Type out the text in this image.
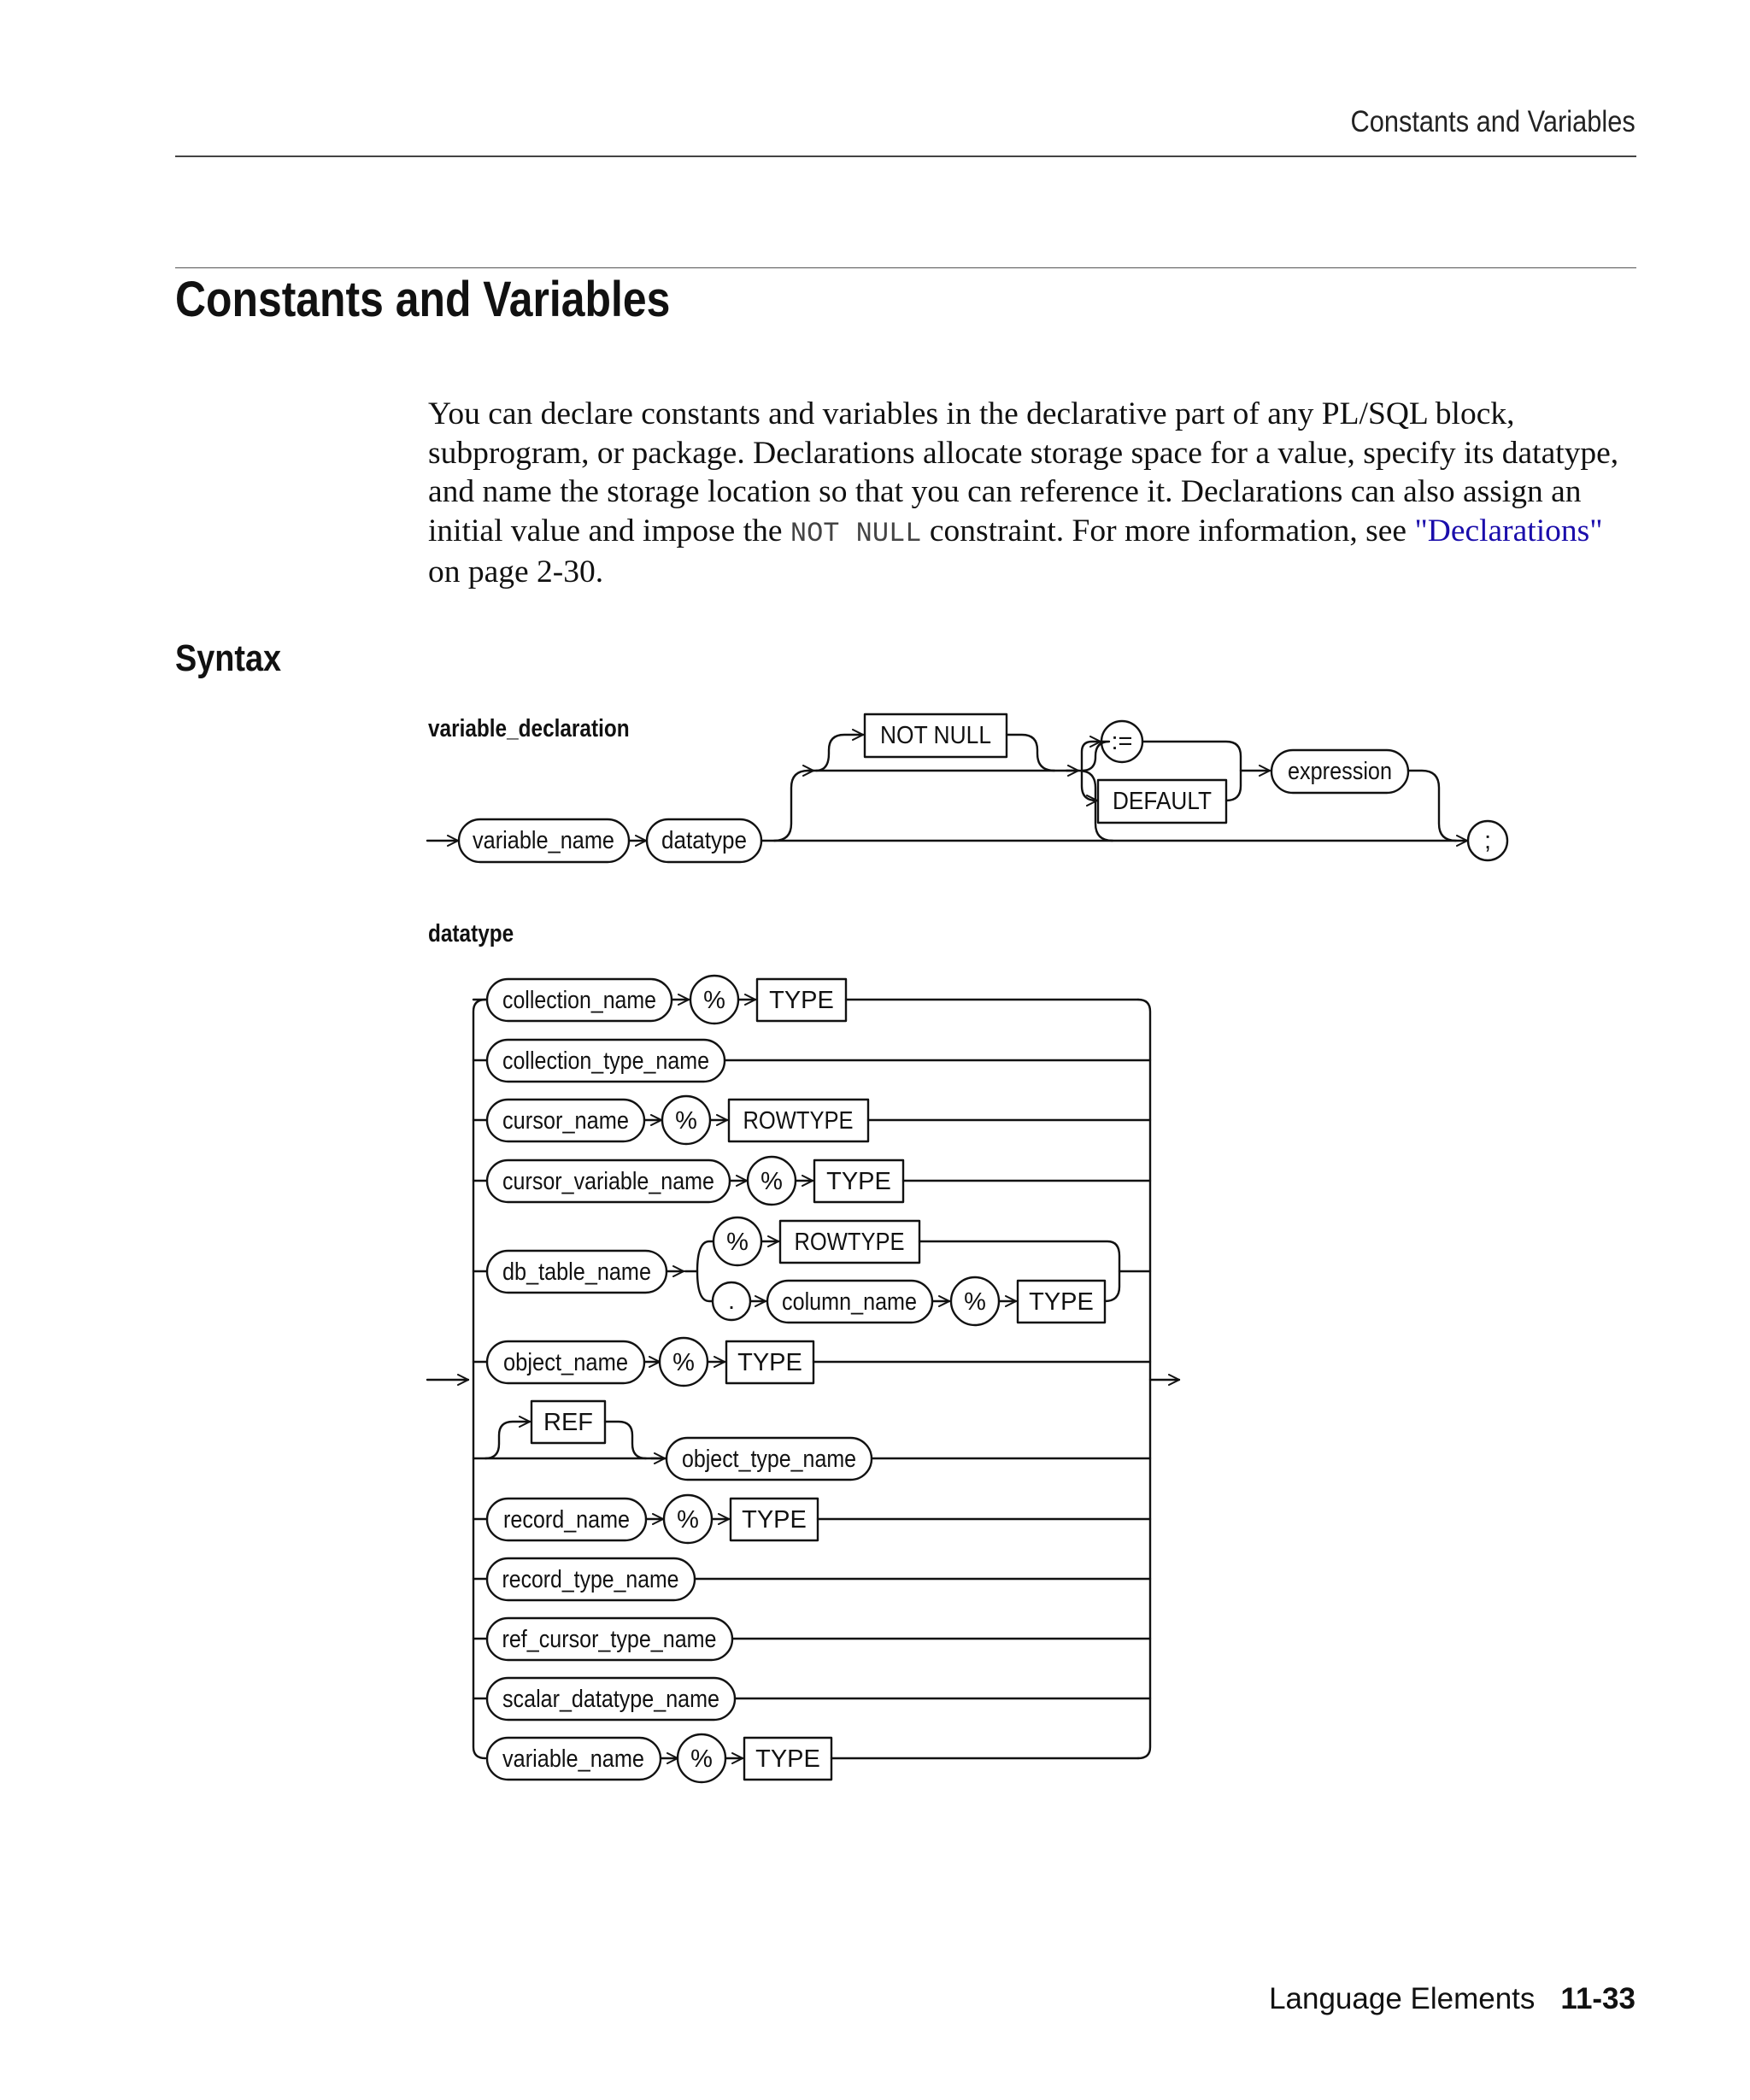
Constants and Variables
Constants and Variables
You can declare constants and variables in the declarative part of any PL/SQL block, subprogram, or package. Declarations allocate storage space for a value, specify its datatype, and name the storage location so that you can reference it. Declarations can also assign an initial value and impose the NOT NULL constraint. For more information, see "Declarations" on page 2-30.
Syntax
variable_declaration
datatype
variable_name datatype	;
NOT NULL	:=
DEFAULT
expression
collection_name % TYPE
collection_type_name
cursor_name % ROWTYPE
cursor_variable_name % TYPE
db_table_name
% ROWTYPE
. column_name % TYPE
object_name % TYPE
REF
object_type_name
record_name % TYPE
record_type_name
ref_cursor_type_name
scalar_datatype_name
variable_name % TYPE
Language Elements 11-33
